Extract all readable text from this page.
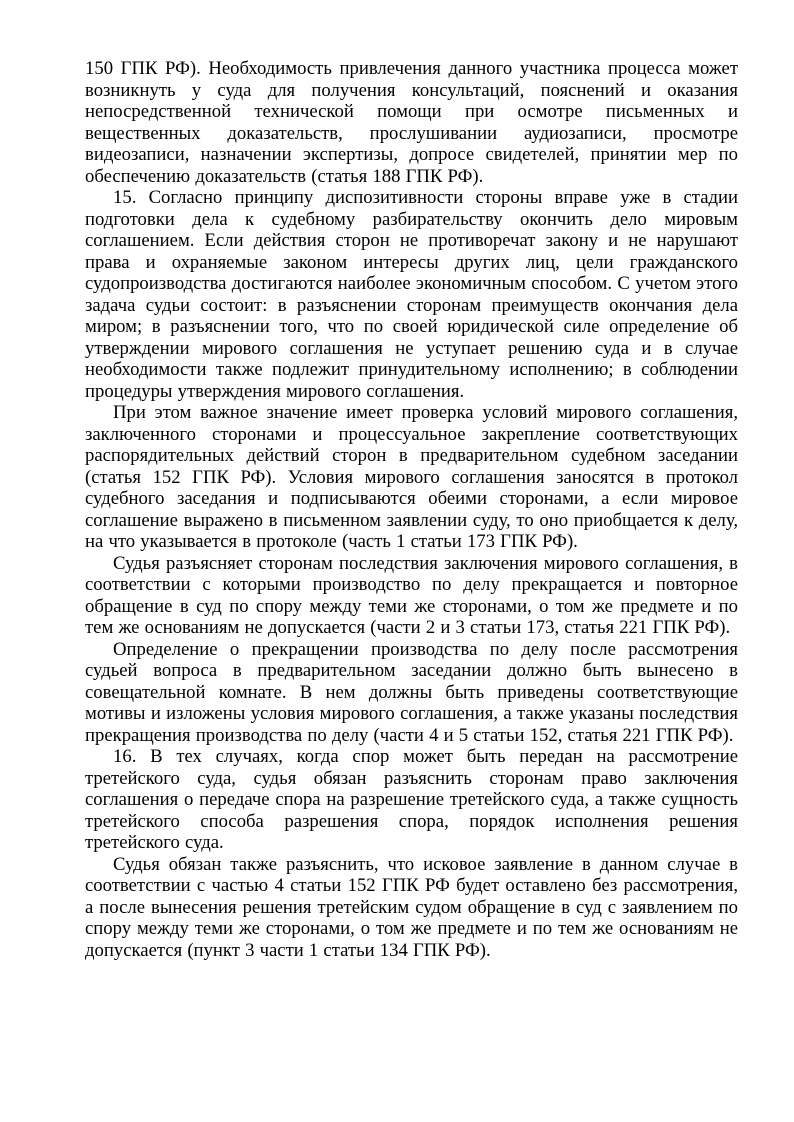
150 ГПК РФ). Необходимость привлечения данного участника процесса может возникнуть у суда для получения консультаций, пояснений и оказания непосредственной технической помощи при осмотре письменных и вещественных доказательств, прослушивании аудиозаписи, просмотре видеозаписи, назначении экспертизы, допросе свидетелей, принятии мер по обеспечению доказательств (статья 188 ГПК РФ).

15. Согласно принципу диспозитивности стороны вправе уже в стадии подготовки дела к судебному разбирательству окончить дело мировым соглашением. Если действия сторон не противоречат закону и не нарушают права и охраняемые законом интересы других лиц, цели гражданского судопроизводства достигаются наиболее экономичным способом. С учетом этого задача судьи состоит: в разъяснении сторонам преимуществ окончания дела миром; в разъяснении того, что по своей юридической силе определение об утверждении мирового соглашения не уступает решению суда и в случае необходимости также подлежит принудительному исполнению; в соблюдении процедуры утверждения мирового соглашения.

При этом важное значение имеет проверка условий мирового соглашения, заключенного сторонами и процессуальное закрепление соответствующих распорядительных действий сторон в предварительном судебном заседании (статья 152 ГПК РФ). Условия мирового соглашения заносятся в протокол судебного заседания и подписываются обеими сторонами, а если мировое соглашение выражено в письменном заявлении суду, то оно приобщается к делу, на что указывается в протоколе (часть 1 статьи 173 ГПК РФ).

Судья разъясняет сторонам последствия заключения мирового соглашения, в соответствии с которыми производство по делу прекращается и повторное обращение в суд по спору между теми же сторонами, о том же предмете и по тем же основаниям не допускается (части 2 и 3 статьи 173, статья 221 ГПК РФ).

Определение о прекращении производства по делу после рассмотрения судьей вопроса в предварительном заседании должно быть вынесено в совещательной комнате. В нем должны быть приведены соответствующие мотивы и изложены условия мирового соглашения, а также указаны последствия прекращения производства по делу (части 4 и 5 статьи 152, статья 221 ГПК РФ).

16. В тех случаях, когда спор может быть передан на рассмотрение третейского суда, судья обязан разъяснить сторонам право заключения соглашения о передаче спора на разрешение третейского суда, а также сущность третейского способа разрешения спора, порядок исполнения решения третейского суда.

Судья обязан также разъяснить, что исковое заявление в данном случае в соответствии с частью 4 статьи 152 ГПК РФ будет оставлено без рассмотрения, а после вынесения решения третейским судом обращение в суд с заявлением по спору между теми же сторонами, о том же предмете и по тем же основаниям не допускается (пункт 3 части 1 статьи 134 ГПК РФ).
